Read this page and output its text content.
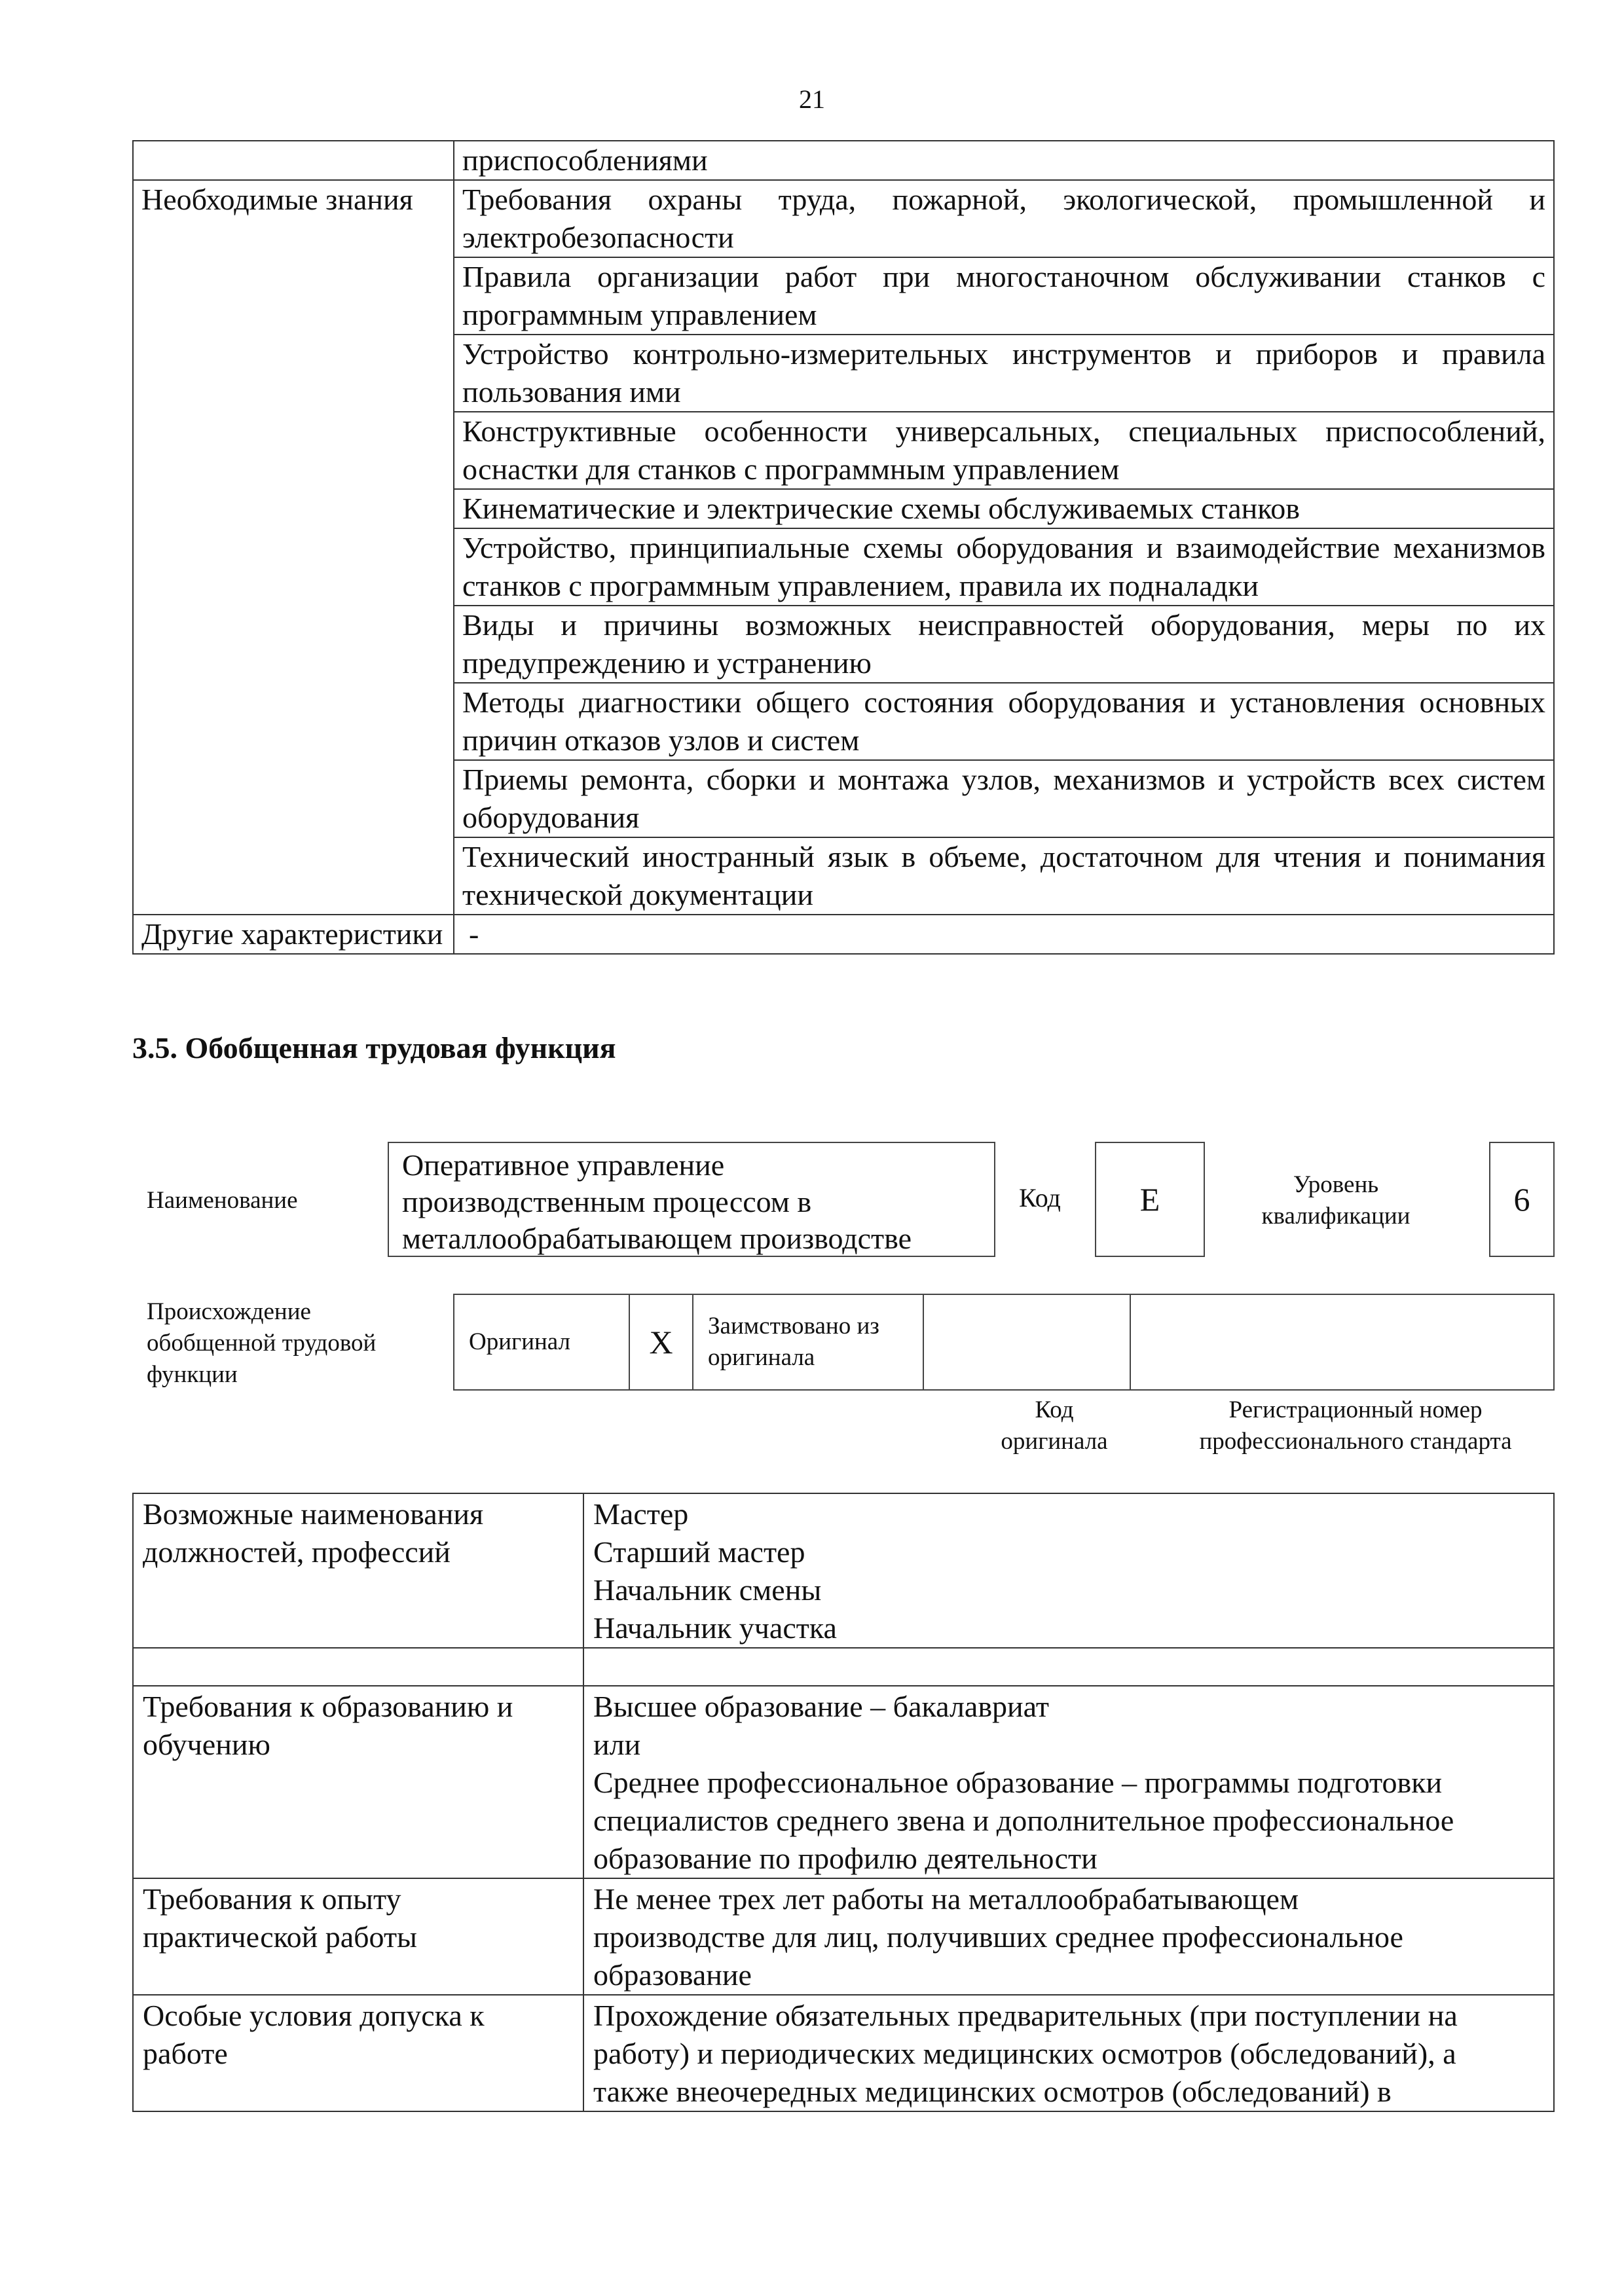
21
	приспособлениями
Необходимые знания	Требования охраны труда, пожарной, экологической, промышленной и электробезопасности
	Правила организации работ при многостаночном обслуживании станков с программным управлением
	Устройство контрольно-измерительных инструментов и приборов и правила пользования ими
	Конструктивные особенности универсальных, специальных приспособлений, оснастки для станков с программным управлением
	Кинематические и электрические схемы обслуживаемых станков
	Устройство, принципиальные схемы оборудования и взаимодействие механизмов станков с программным управлением, правила их подналадки
	Виды и причины возможных неисправностей оборудования, меры по их предупреждению и устранению
	Методы диагностики общего состояния оборудования и установления основных причин отказов узлов и систем
	Приемы ремонта, сборки и монтажа узлов, механизмов и устройств всех систем оборудования
	Технический иностранный язык в объеме, достаточном для чтения и понимания технической документации
Другие характеристики	-
3.5. Обобщенная трудовая функция
Наименование
Оперативное управление
производственным процессом в
металлообрабатывающем производстве
Код	E	Уровень
квалификации	6
Происхождение
обобщенной трудовой
функции
Оригинал	X	Заимствовано из
оригинала

Код
оригинала
Регистрационный номер
профессионального стандарта
Возможные наименования должностей, профессий	Мастер
Старший мастер
Начальник смены
Начальник участка

Требования к образованию и обучению	Высшее образование – бакалавриат
или
Среднее профессиональное образование – программы подготовки
специалистов среднего звена и дополнительное профессиональное
образование по профилю деятельности

Требования к опыту практической работы	Не менее трех лет работы на металлообрабатывающем
производстве для лиц, получивших среднее профессиональное
образование

Особые условия допуска к работе	Прохождение обязательных предварительных (при поступлении на
работу) и периодических медицинских осмотров (обследований), а
также внеочередных медицинских осмотров (обследований) в
